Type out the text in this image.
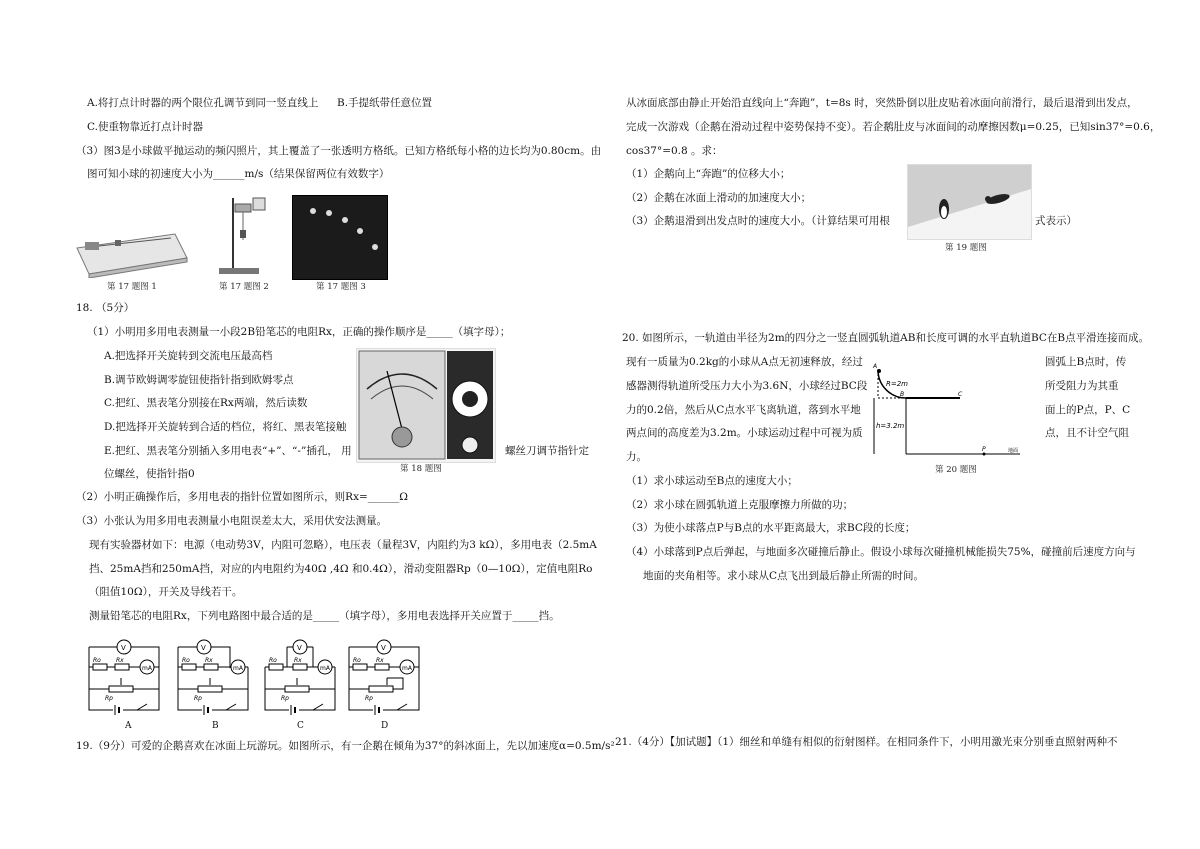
A.将打点计时器的两个限位孔调节到同一竖直线上 B.手提纸带任意位置
C.使重物靠近打点计时器
（3）图3是小球做平抛运动的频闪照片，其上覆盖了一张透明方格纸。已知方格纸每小格的边长均为0.80cm。由
图可知小球的初速度大小为______m/s（结果保留两位有效数字）
第 17 题图 1	第 17 题图 2	第 17 题图 3
18. （5分）
（1）小明用多用电表测量一小段2B铅笔芯的电阻Rx，正确的操作顺序是_____（填字母）；
A.把选择开关旋转到交流电压最高档
B.调节欧姆调零旋钮使指针指到欧姆零点
C.把红、黑表笔分别接在Rx两端，然后读数
D.把选择开关旋转到合适的档位，将红、黑表笔接触
E.把红、黑表笔分别插入多用电表“+”、“-”插孔， 用	螺丝刀调节指针定
位螺丝，使指针指0	第 18 题图
（2）小明正确操作后，多用电表的指针位置如图所示，则Rx=______Ω
（3）小张认为用多用电表测量小电阻误差太大，采用伏安法测量。
现有实验器材如下：电源（电动势3V，内阻可忽略），电压表（量程3V，内阻约为3 kΩ），多用电表（2.5mA
挡、25mA挡和250mA挡，对应的内电阻约为40Ω ,4Ω 和0.4Ω），滑动变阻器Rp（0—10Ω），定值电阻Ro
（阻值10Ω），开关及导线若干。
测量铅笔芯的电阻Rx，下列电路图中最合适的是_____（填字母），多用电表选择开关应置于_____挡。
V
Ro	Rx
mA
Rp
V
Ro	Rx
mA
Rp
V
Ro	Rx
mA
Rp
V
Ro	Rx
mA
Rp
A	B	C	D
19.（9分）可爱的企鹅喜欢在冰面上玩游玩。如图所示，有一企鹅在倾角为37°的斜冰面上，先以加速度α=0.5m/s²
从冰面底部由静止开始沿直线向上“奔跑”，t=8s 时，突然卧倒以肚皮贴着冰面向前滑行，最后退滑到出发点，
完成一次游戏（企鹅在滑动过程中姿势保持不变）。若企鹅肚皮与冰面间的动摩擦因数μ=0.25，已知sin37°=0.6，
cos37°=0.8 。求：
（1）企鹅向上“奔跑”的位移大小；
（2）企鹅在冰面上滑动的加速度大小；
（3）企鹅退滑到出发点时的速度大小。（计算结果可用根	式表示）
第 19 题图
20. 如图所示，一轨道由半径为2m的四分之一竖直圆弧轨道AB和长度可调的水平直轨道BC在B点平滑连接而成。
现有一质量为0.2kg的小球从A点无初速释放，经过	圆弧上B点时，传
感器测得轨道所受压力大小为3.6N，小球经过BC段	所受阻力为其重
力的0.2倍，然后从C点水平飞离轨道，落到水平地	面上的P点，P、C
两点间的高度差为3.2m。小球运动过程中可视为质	点，且不计空气阻
力。
A
B	C
P
R=2m
h=3.2m
地面
第 20 题图
（1）求小球运动至B点的速度大小；
（2）求小球在圆弧轨道上克服摩擦力所做的功；
（3）为使小球落点P与B点的水平距离最大，求BC段的长度；
（4）小球落到P点后弹起，与地面多次碰撞后静止。假设小球每次碰撞机械能损失75%，碰撞前后速度方向与
地面的夹角相等。求小球从C点飞出到最后静止所需的时间。
21.（4分）【加试题】（1）细丝和单缝有相似的衍射图样。在相同条件下，小明用激光束分别垂直照射两种不
